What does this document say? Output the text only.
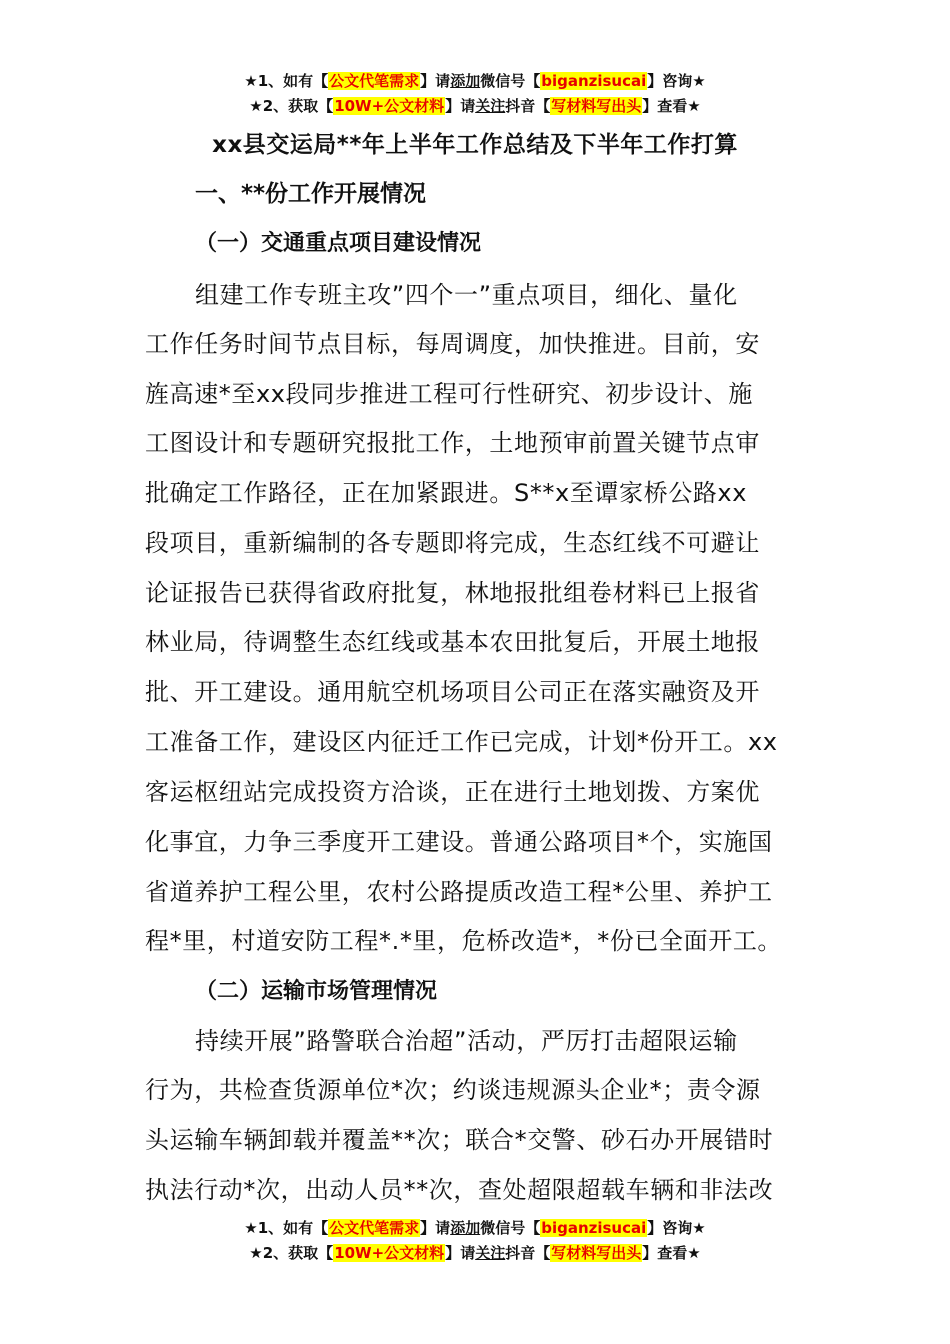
★1、如有【公文代笔需求】请添加微信号【biganzisucai】咨询★
★2、获取【10W+公文材料】请关注抖音【写材料写出头】查看★
xx县交运局**年上半年工作总结及下半年工作打算
一、**份工作开展情况
（一）交通重点项目建设情况
组建工作专班主攻”四个一”重点项目，细化、量化
工作任务时间节点目标，每周调度，加快推进。目前，安
旌高速*至xx段同步推进工程可行性研究、初步设计、施
工图设计和专题研究报批工作，土地预审前置关键节点审
批确定工作路径，正在加紧跟进。S**x至谭家桥公路xx
段项目，重新编制的各专题即将完成，生态红线不可避让
论证报告已获得省政府批复，林地报批组卷材料已上报省
林业局，待调整生态红线或基本农田批复后，开展土地报
批、开工建设。通用航空机场项目公司正在落实融资及开
工准备工作，建设区内征迁工作已完成，计划*份开工。xx
客运枢纽站完成投资方洽谈，正在进行土地划拨、方案优
化事宜，力争三季度开工建设。普通公路项目*个，实施国
省道养护工程公里，农村公路提质改造工程*公里、养护工
程*里，村道安防工程*.*里，危桥改造*，*份已全面开工。
（二）运输市场管理情况
持续开展”路警联合治超”活动，严厉打击超限运输
行为，共检查货源单位*次；约谈违规源头企业*；责令源
头运输车辆卸载并覆盖**次；联合*交警、砂石办开展错时
执法行动*次，出动人员**次，查处超限超载车辆和非法改
★1、如有【公文代笔需求】请添加微信号【biganzisucai】咨询★
★2、获取【10W+公文材料】请关注抖音【写材料写出头】查看★
